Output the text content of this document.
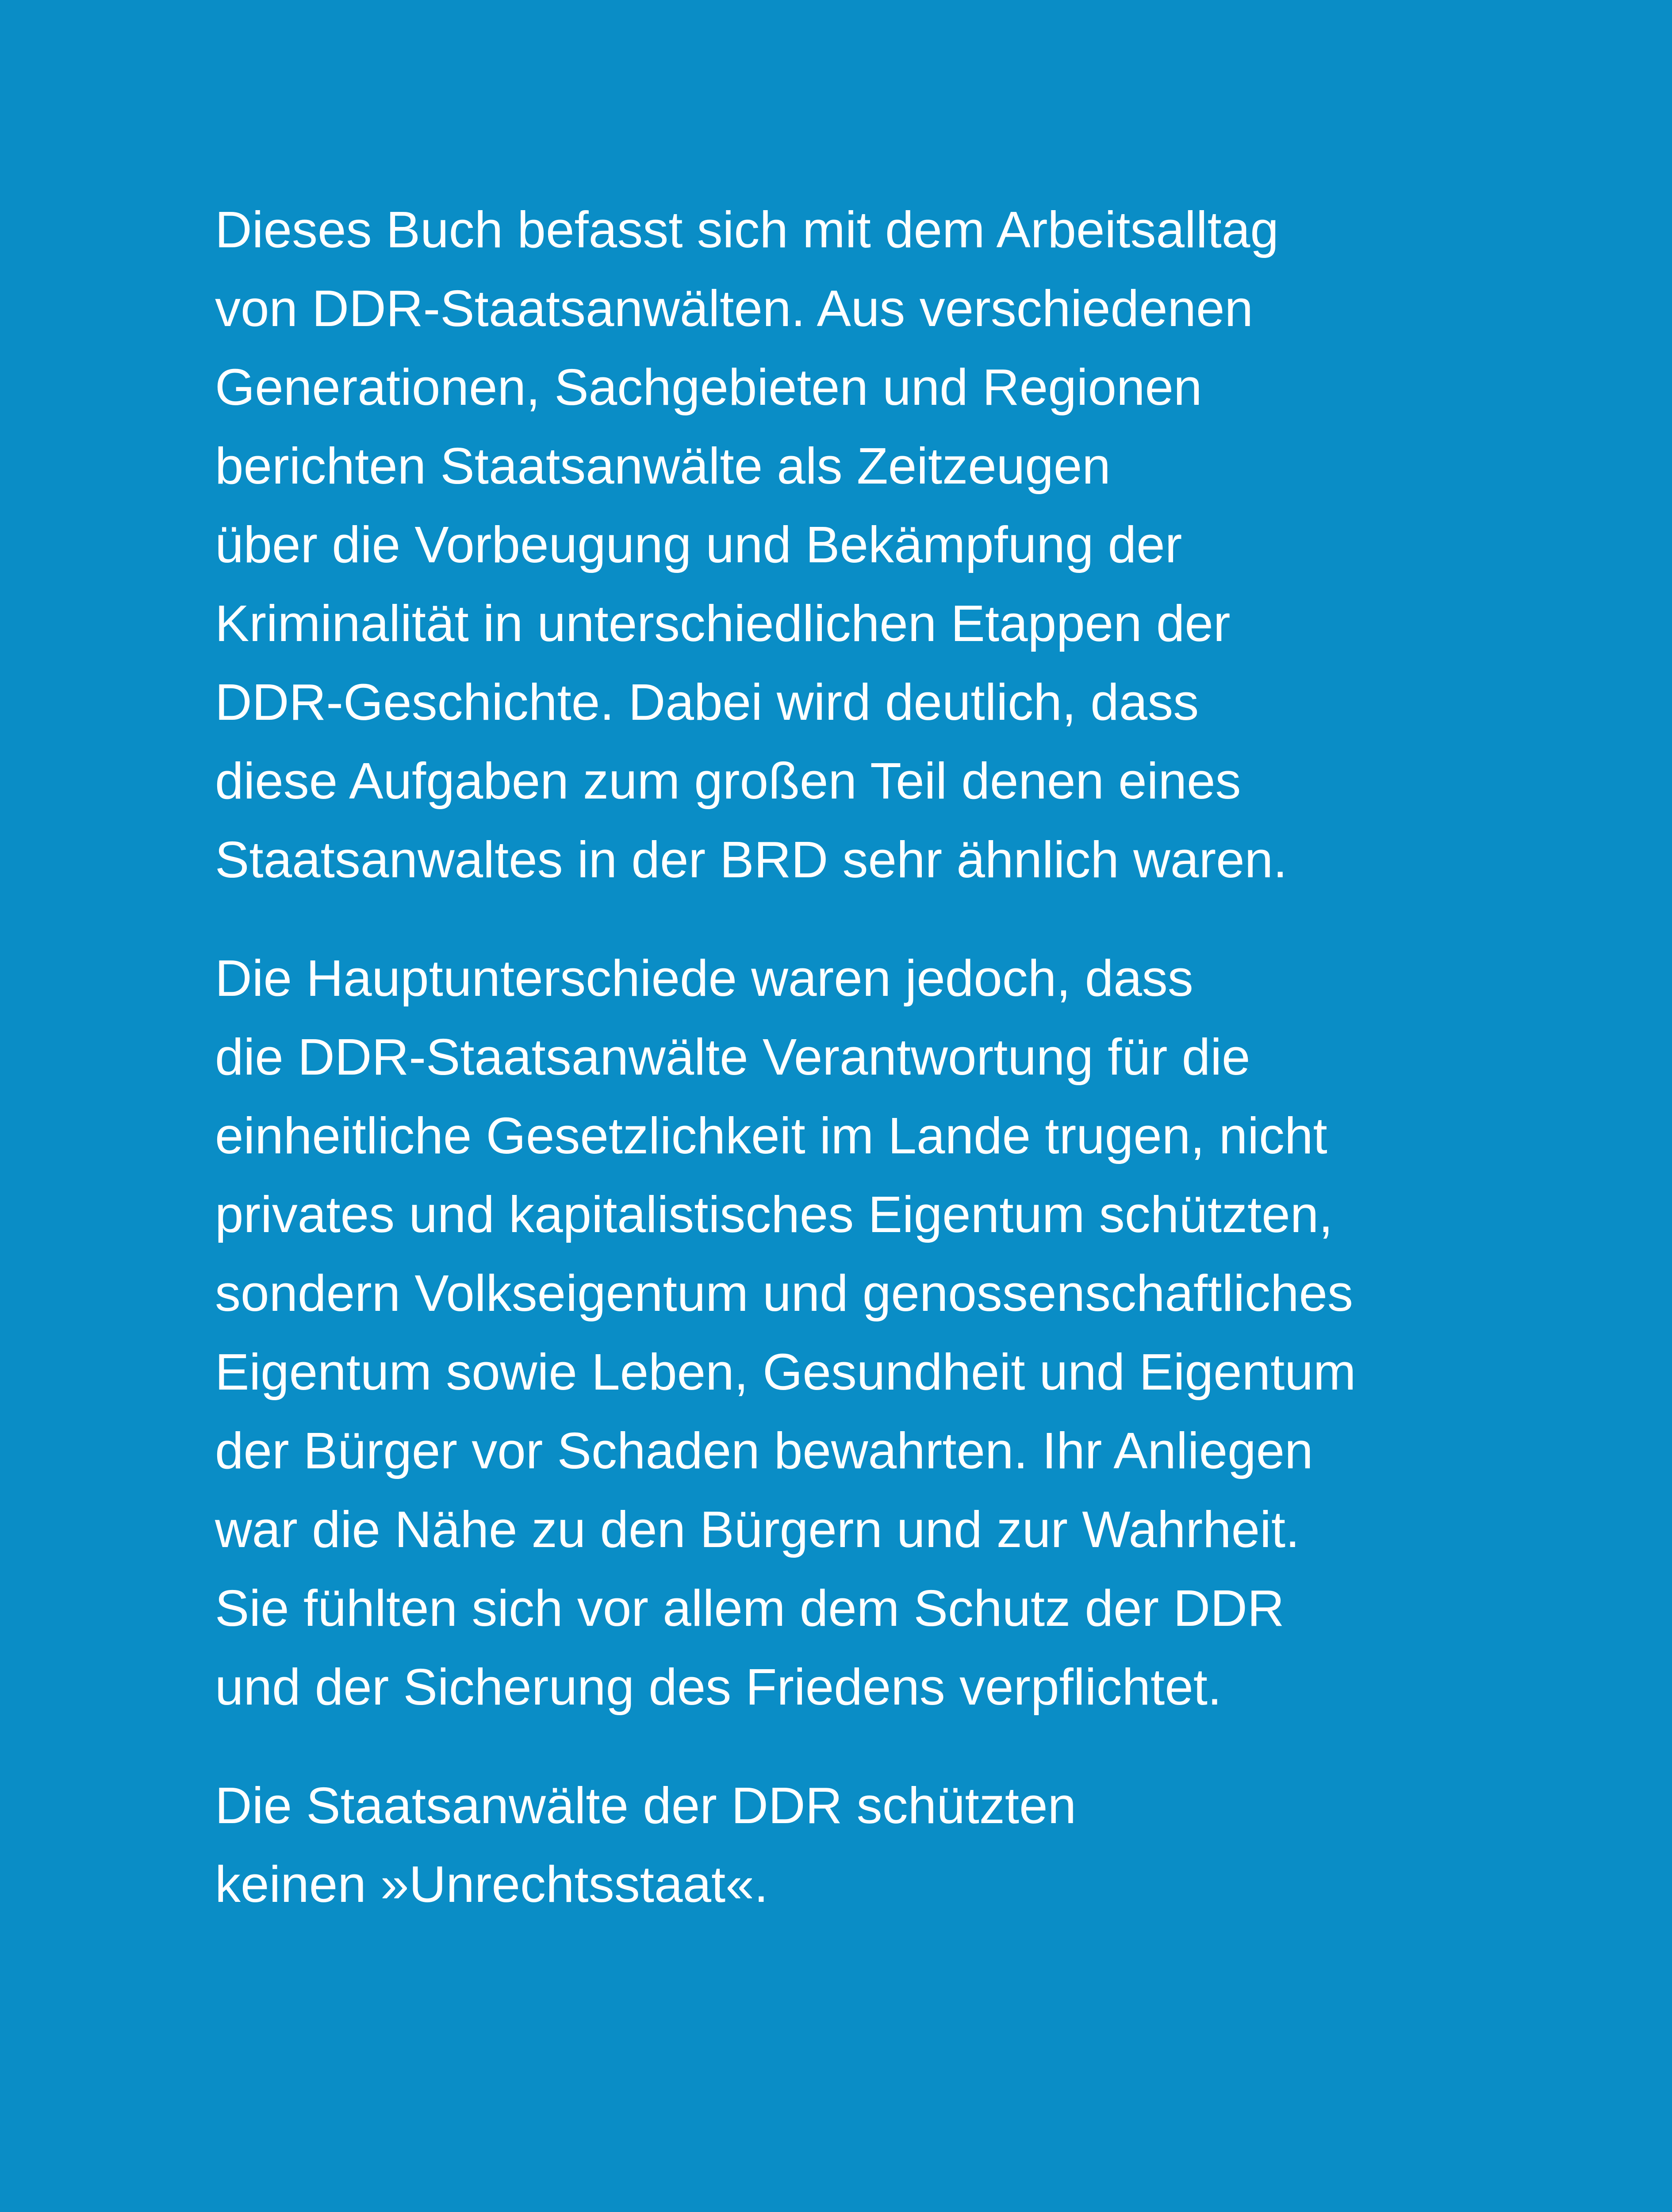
Dieses Buch befasst sich mit dem Arbeitsalltag
von DDR-Staatsanwälten. Aus verschiedenen
Generationen, Sachgebieten und Regionen
berichten Staatsanwälte als Zeitzeugen
über die Vorbeugung und Bekämpfung der
Kriminalität in unterschiedlichen Etappen der
DDR-Geschichte. Dabei wird deutlich, dass
diese Aufgaben zum großen Teil denen eines
Staatsanwaltes in der BRD sehr ähnlich waren.
Die Hauptunterschiede waren jedoch, dass
die DDR-Staatsanwälte Verantwortung für die
einheitliche Gesetzlichkeit im Lande trugen, nicht
privates und kapitalistisches Eigentum schützten,
sondern Volkseigentum und genossenschaftliches
Eigentum sowie Leben, Gesundheit und Eigentum
der Bürger vor Schaden bewahrten. Ihr Anliegen
war die Nähe zu den Bürgern und zur Wahrheit.
Sie fühlten sich vor allem dem Schutz der DDR
und der Sicherung des Friedens verpflichtet.
Die Staatsanwälte der DDR schützten
keinen »Unrechtsstaat«.
